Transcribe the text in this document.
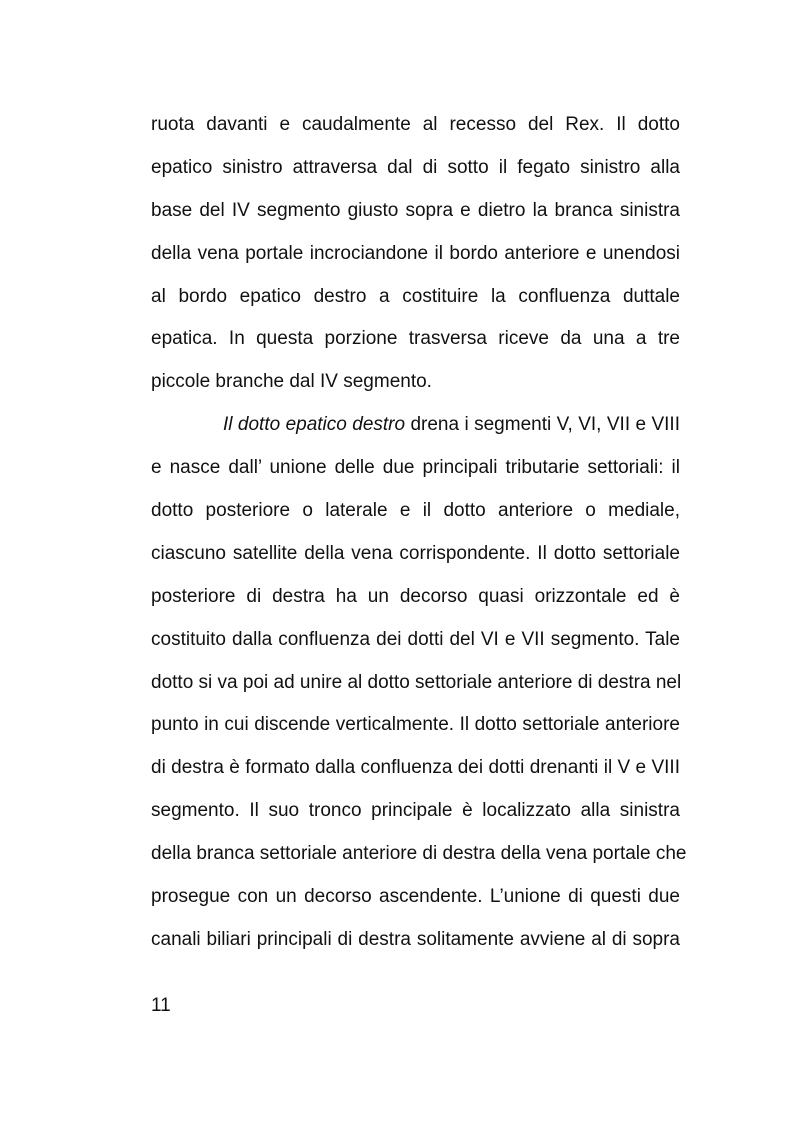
ruota davanti e caudalmente al recesso del Rex. Il dotto
epatico sinistro attraversa dal di sotto il fegato sinistro alla
base del IV segmento giusto sopra e dietro la branca sinistra
della vena portale incrociandone il bordo anteriore e unendosi
al bordo epatico destro a costituire la confluenza duttale
epatica. In questa porzione trasversa riceve da una a tre
piccole branche dal IV segmento.
Il dotto epatico destro drena i segmenti V, VI, VII e VIII
e nasce dall’ unione delle due principali tributarie settoriali: il
dotto posteriore o laterale e il dotto anteriore o mediale,
ciascuno satellite della vena corrispondente. Il dotto settoriale
posteriore di destra ha un decorso quasi orizzontale ed è
costituito dalla confluenza dei dotti del VI e VII segmento. Tale
dotto si va poi ad unire al dotto settoriale anteriore di destra nel
punto in cui discende verticalmente. Il dotto settoriale anteriore
di destra è formato dalla confluenza dei dotti drenanti il V e VIII
segmento. Il suo tronco principale è localizzato alla sinistra
della branca settoriale anteriore di destra della vena portale che
prosegue con un decorso ascendente. L’unione di questi due
canali biliari principali di destra solitamente avviene al di sopra
11
